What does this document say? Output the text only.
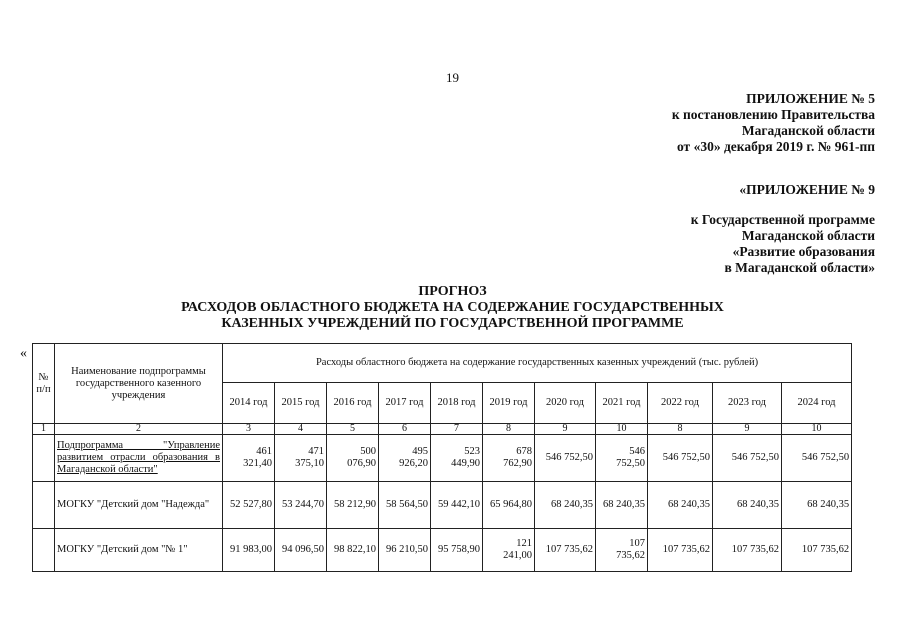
19
ПРИЛОЖЕНИЕ № 5
к постановлению Правительства
Магаданской области
от «30» декабря 2019 г. № 961-пп
«ПРИЛОЖЕНИЕ № 9
к Государственной программе
Магаданской области
«Развитие образования
в Магаданской области»
ПРОГНОЗ
РАСХОДОВ ОБЛАСТНОГО БЮДЖЕТА НА СОДЕРЖАНИЕ ГОСУДАРСТВЕННЫХ
КАЗЕННЫХ УЧРЕЖДЕНИЙ ПО ГОСУДАРСТВЕННОЙ ПРОГРАММЕ
«
№ п/п	Наименование подпрограммы государственного казенного учреждения	Расходы областного бюджета на содержание государственных казенных учреждений (тыс. рублей)										
		2014 год	2015 год	2016 год	2017 год	2018 год	2019 год	2020 год	2021 год	2022 год	2023 год	2024 год
1	2	3	4	5	6	7	8	9	10	8	9	10
	Подпрограмма "Управление развитием отрасли образования в Магаданской области"	461 321,40	471 375,10	500 076,90	495 926,20	523 449,90	678 762,90	546 752,50	546 752,50	546 752,50	546 752,50	546 752,50
	МОГКУ "Детский дом "Надежда"	52 527,80	53 244,70	58 212,90	58 564,50	59 442,10	65 964,80	68 240,35	68 240,35	68 240,35	68 240,35	68 240,35
	МОГКУ "Детский дом "№ 1"	91 983,00	94 096,50	98 822,10	96 210,50	95 758,90	121 241,00	107 735,62	107 735,62	107 735,62	107 735,62	107 735,62
